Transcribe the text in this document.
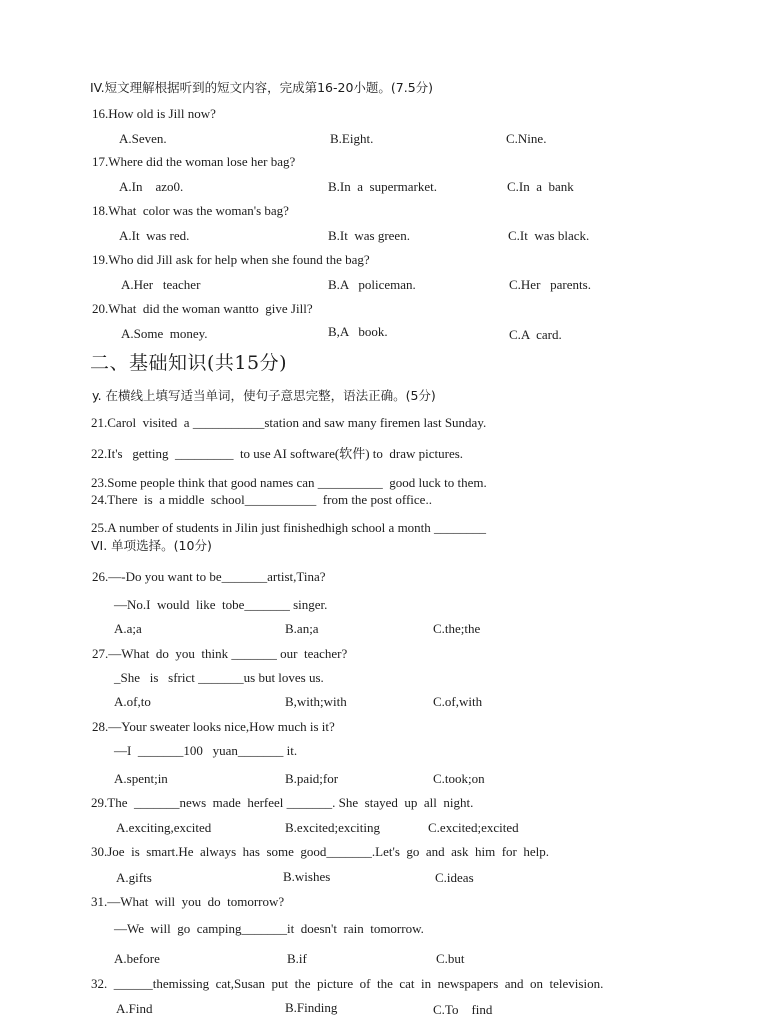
IV.短文理解根据听到的短文内容，完成第16-20小题。(7.5分)
16.How old is Jill now?
A.Seven.	B.Eight.	C.Nine.
17.Where did the woman lose her bag?
A.In    azo0.	B.In  a  supermarket.	C.In  a  bank
18.What  color was the woman's bag?
A.It  was red.	B.It  was green.	C.It  was black.
19.Who did Jill ask for help when she found the bag?
A.Her   teacher	B.A   policeman.	C.Her   parents.
20.What  did the woman wantto  give Jill?
A.Some  money.	B,A   book.	C.A  card.
二、基础知识(共15分)
y. 在横线上填写适当单词，使句子意思完整，语法正确。(5分)
21.Carol  visited  a ___________station and saw many firemen last Sunday.
22.It's   getting  _________  to use AI software(软件) to  draw pictures.
23.Some people think that good names can __________  good luck to them.
24.There  is  a middle  school___________  from the post office..
25.A number of students in Jilin just finishedhigh school a month ________
VI. 单项选择。(10分)
26.—-Do you want to be_______artist,Tina?
—No.I  would  like  tobe_______ singer.
A.a;a	B.an;a	C.the;the
27.—What  do  you  think _______ our  teacher?
_She   is   sfrict _______us but loves us.
A.of,to	B,with;with	C.of,with
28.—Your sweater looks nice,How much is it?
—I  _______100   yuan_______ it.
A.spent;in	B.paid;for	C.took;on
29.The  _______news  made  herfeel _______. She  stayed  up  all  night.
A.exciting,excited	B.excited;exciting	C.excited;excited
30.Joe  is  smart.He  always  has  some  good_______.Let's  go  and  ask  him  for  help.
A.gifts	B.wishes	C.ideas
31.—What  will  you  do  tomorrow?
—We  will  go  camping_______it  doesn't  rain  tomorrow.
A.before	B.if	C.but
32.  ______themissing  cat,Susan  put  the  picture  of  the  cat  in  newspapers  and  on  television.
A.Find	B.Finding	C.To    find
